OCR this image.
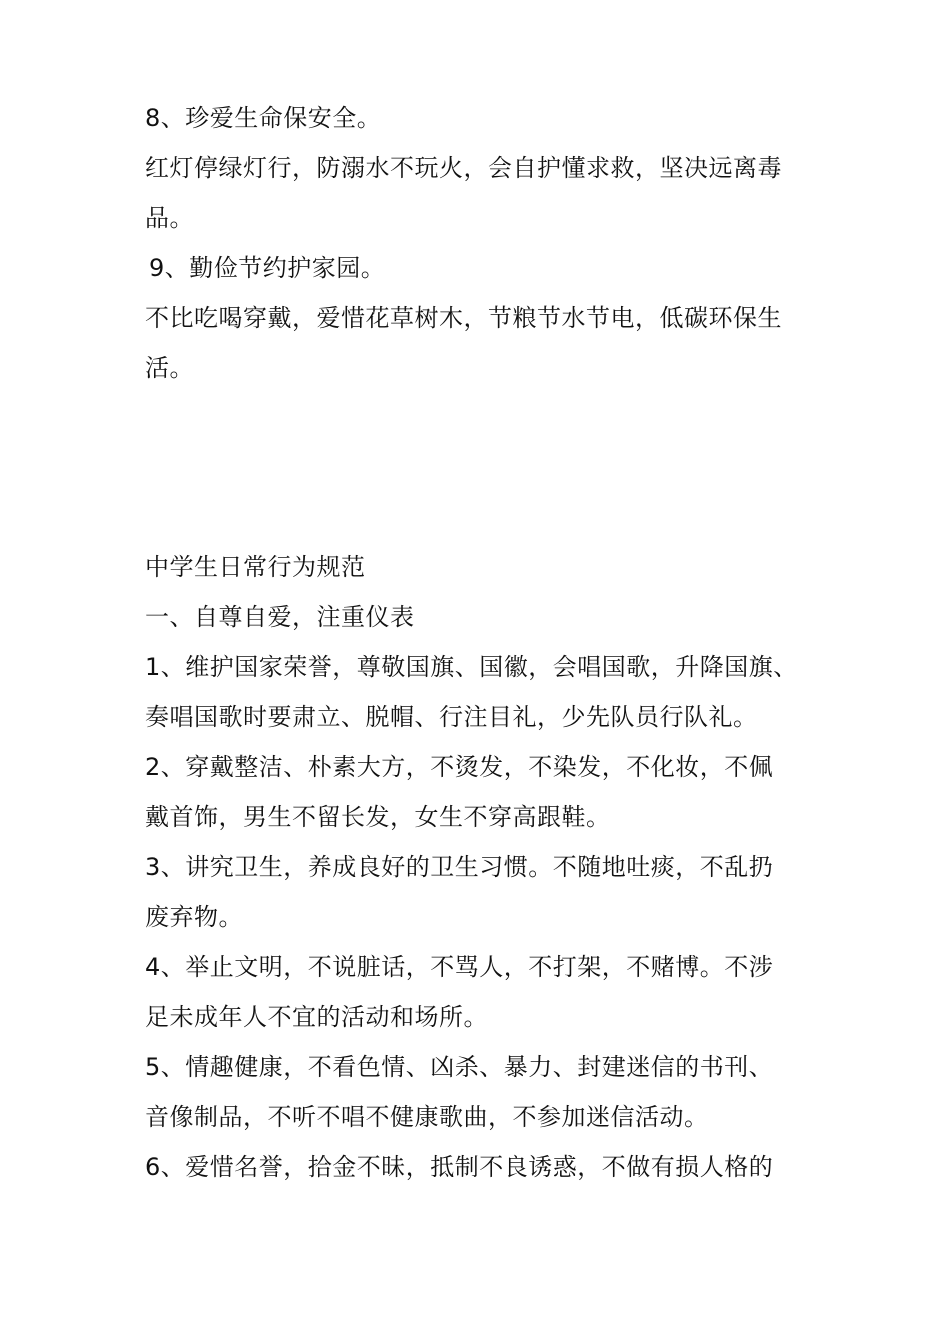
8、珍爱生命保安全。
红灯停绿灯行，防溺水不玩火，会自护懂求救，坚决远离毒
品。
9、勤俭节约护家园。
不比吃喝穿戴，爱惜花草树木，节粮节水节电，低碳环保生
活。
中学生日常行为规范
一、自尊自爱，注重仪表
1、维护国家荣誉，尊敬国旗、国徽，会唱国歌，升降国旗、
奏唱国歌时要肃立、脱帽、行注目礼，少先队员行队礼。
2、穿戴整洁、朴素大方，不烫发，不染发，不化妆，不佩
戴首饰，男生不留长发，女生不穿高跟鞋。
3、讲究卫生，养成良好的卫生习惯。不随地吐痰，不乱扔
废弃物。
4、举止文明，不说脏话，不骂人，不打架，不赌博。不涉
足未成年人不宜的活动和场所。
5、情趣健康，不看色情、凶杀、暴力、封建迷信的书刊、
音像制品，不听不唱不健康歌曲，不参加迷信活动。
6、爱惜名誉，拾金不昧，抵制不良诱惑，不做有损人格的
